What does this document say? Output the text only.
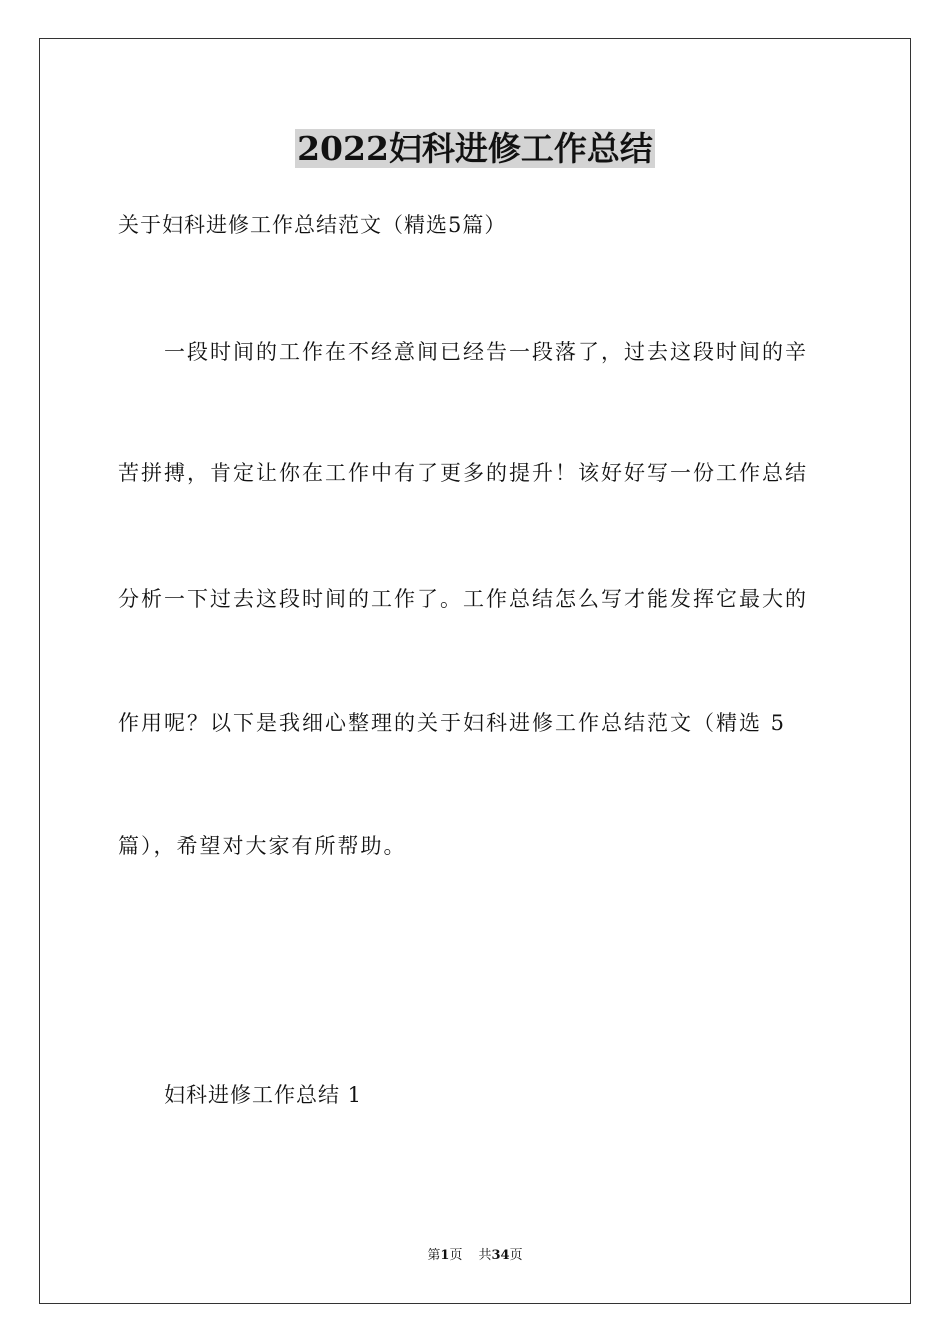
2022妇科进修工作总结
关于妇科进修工作总结范文（精选5篇）
一段时间的工作在不经意间已经告一段落了，过去这段时间的辛
苦拼搏，肯定让你在工作中有了更多的提升！该好好写一份工作总结
分析一下过去这段时间的工作了。工作总结怎么写才能发挥它最大的
作用呢？以下是我细心整理的关于妇科进修工作总结范文（精选 5
篇），希望对大家有所帮助。
妇科进修工作总结 1
第1页 共34页
